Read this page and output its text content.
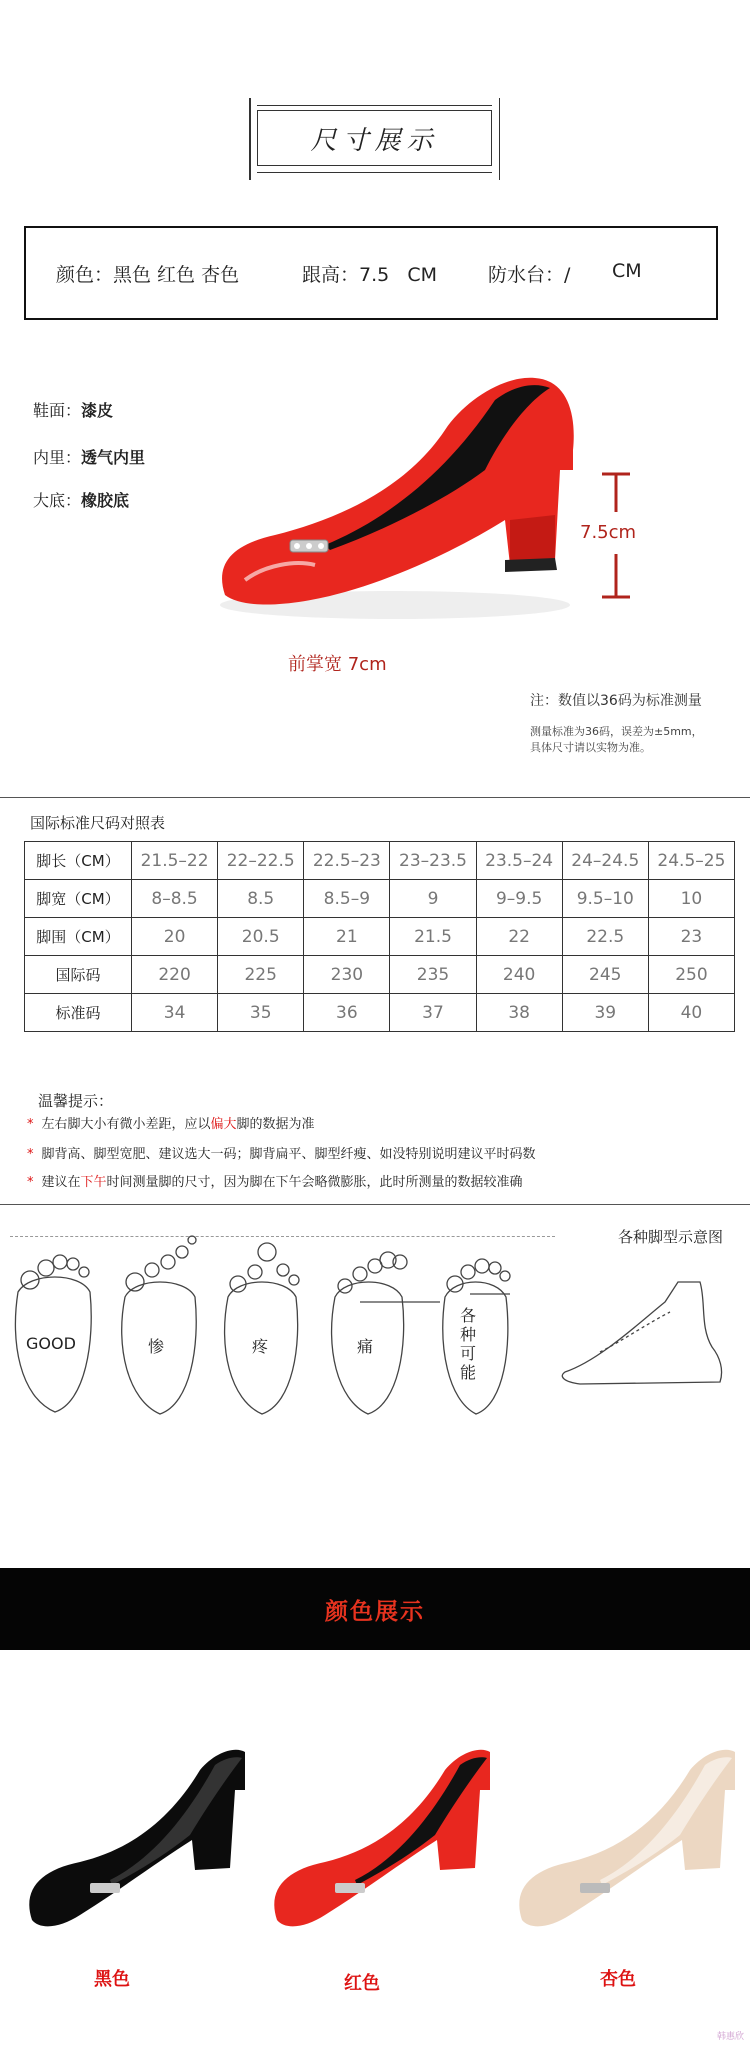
尺寸展示
颜色：黑色 红色 杏色	跟高：7.5 CM	防水台：/ CM
鞋面：漆皮
内里：透气内里
大底：橡胶底
7.5cm
前掌宽 7cm
注：数值以36码为标准测量
测量标准为36码，误差为±5mm，
具体尺寸请以实物为准。
国际标准尺码对照表
脚长（CM）	21.5–22	22–22.5	22.5–23	23–23.5	23.5–24	24–24.5	24.5–25
脚宽（CM）	8–8.5	8.5	8.5–9	9	9–9.5	9.5–10	10
脚围（CM）	20	20.5	21	21.5	22	22.5	23
国际码	220	225	230	235	240	245	250
标准码	34	35	36	37	38	39	40
温馨提示：
* 左右脚大小有微小差距，应以偏大脚的数据为准
* 脚背高、脚型宽肥、建议选大一码；脚背扁平、脚型纤瘦、如没特别说明建议平时码数
* 建议在下午时间测量脚的尺寸，因为脚在下午会略微膨胀，此时所测量的数据较准确
各种脚型示意图
GOOD	惨	疼	痛
各
种
可
能
颜色展示
黑色	红色	杏色
韩惠欣
